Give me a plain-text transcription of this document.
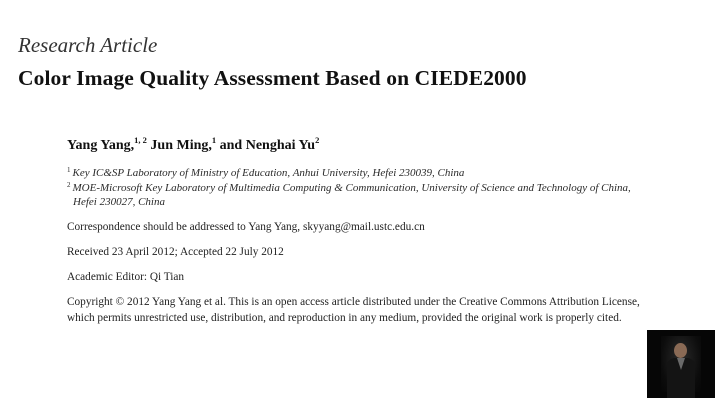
Research Article
Color Image Quality Assessment Based on CIEDE2000
Yang Yang,$^{1, 2}$ Jun Ming,$^1$ and Nenghai Yu$^2$
$^1$ Key IC&SP Laboratory of Ministry of Education, Anhui University, Hefei 230039, China
$^2$ MOE-Microsoft Key Laboratory of Multimedia Computing & Communication, University of Science and Technology of China,
Hefei 230027, China
Correspondence should be addressed to Yang Yang, skyyang@mail.ustc.edu.cn
Received 23 April 2012; Accepted 22 July 2012
Academic Editor: Qi Tian
Copyright © 2012 Yang Yang et al. This is an open access article distributed under the Creative Commons Attribution License,
which permits unrestricted use, distribution, and reproduction in any medium, provided the original work is properly cited.
